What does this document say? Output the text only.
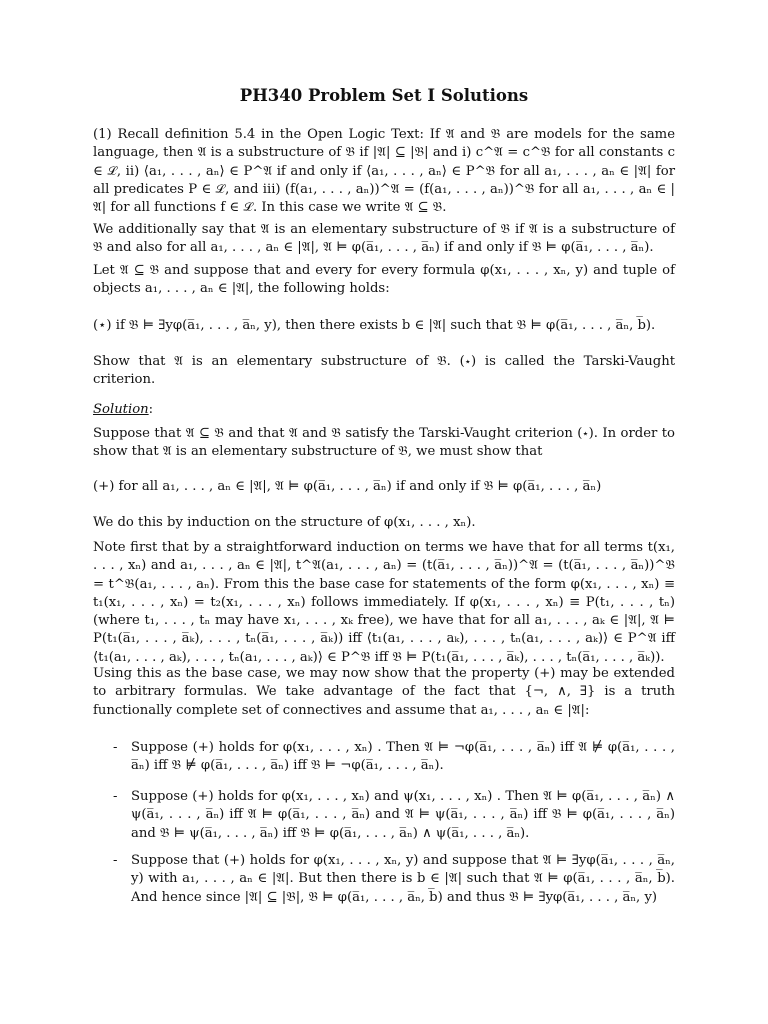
PH340 Problem Set I Solutions
(1) Recall definition 5.4 in the Open Logic Text: If 𝔄 and 𝔅 are models for the same language, then 𝔄 is a substructure of 𝔅 if |𝔄| ⊆ |𝔅| and i) c^𝔄 = c^𝔅 for all constants c ∈ ℒ, ii) ⟨a₁, . . . , aₙ⟩ ∈ P^𝔄 if and only if ⟨a₁, . . . , aₙ⟩ ∈ P^𝔅 for all a₁, . . . , aₙ ∈ |𝔄| for all predicates P ∈ ℒ, and iii) (f(a₁, . . . , aₙ))^𝔄 = (f(a₁, . . . , aₙ))^𝔅 for all a₁, . . . , aₙ ∈ |𝔄| for all functions f ∈ ℒ. In this case we write 𝔄 ⊆ 𝔅.
We additionally say that 𝔄 is an elementary substructure of 𝔅 if 𝔄 is a substructure of 𝔅 and also for all a₁, . . . , aₙ ∈ |𝔄|, 𝔄 ⊨ φ(a̅₁, . . . , a̅ₙ) if and only if 𝔅 ⊨ φ(a̅₁, . . . , a̅ₙ).
Let 𝔄 ⊆ 𝔅 and suppose that and every for every formula φ(x₁, . . . , xₙ, y) and tuple of objects a₁, . . . , aₙ ∈ |𝔄|, the following holds:
(⋆) if 𝔅 ⊨ ∃yφ(a̅₁, . . . , a̅ₙ, y), then there exists b ∈ |𝔄| such that 𝔅 ⊨ φ(a̅₁, . . . , a̅ₙ, b̅).
Show that 𝔄 is an elementary substructure of 𝔅. (⋆) is called the Tarski-Vaught criterion.
Solution:
Suppose that 𝔄 ⊆ 𝔅 and that 𝔄 and 𝔅 satisfy the Tarski-Vaught criterion (⋆). In order to show that 𝔄 is an elementary substructure of 𝔅, we must show that
(+) for all a₁, . . . , aₙ ∈ |𝔄|, 𝔄 ⊨ φ(a̅₁, . . . , a̅ₙ) if and only if 𝔅 ⊨ φ(a̅₁, . . . , a̅ₙ)
We do this by induction on the structure of φ(x₁, . . . , xₙ).
Note first that by a straightforward induction on terms we have that for all terms t(x₁, . . . , xₙ) and a₁, . . . , aₙ ∈ |𝔄|, t^𝔄(a₁, . . . , aₙ) = (t(a̅₁, . . . , a̅ₙ))^𝔄 = (t(a̅₁, . . . , a̅ₙ))^𝔅 = t^𝔅(a₁, . . . , aₙ). From this the base case for statements of the form φ(x₁, . . . , xₙ) ≡ t₁(x₁, . . . , xₙ) = t₂(x₁, . . . , xₙ) follows immediately. If φ(x₁, . . . , xₙ) ≡ P(t₁, . . . , tₙ) (where t₁, . . . , tₙ may have x₁, . . . , xₖ free), we have that for all a₁, . . . , aₖ ∈ |𝔄|, 𝔄 ⊨ P(t₁(a̅₁, . . . , a̅ₖ), . . . , tₙ(a̅₁, . . . , a̅ₖ)) iff ⟨t₁(a₁, . . . , aₖ), . . . , tₙ(a₁, . . . , aₖ)⟩ ∈ P^𝔄 iff ⟨t₁(a₁, . . . , aₖ), . . . , tₙ(a₁, . . . , aₖ)⟩ ∈ P^𝔅 iff 𝔅 ⊨ P(t₁(a̅₁, . . . , a̅ₖ), . . . , tₙ(a̅₁, . . . , a̅ₖ)).
Using this as the base case, we may now show that the property (+) may be extended to arbitrary formulas. We take advantage of the fact that {¬, ∧, ∃} is a truth functionally complete set of connectives and assume that a₁, . . . , aₙ ∈ |𝔄|:
-	Suppose (+) holds for φ(x₁, . . . , xₙ) . Then 𝔄 ⊨ ¬φ(a̅₁, . . . , a̅ₙ) iff 𝔄 ⊭ φ(a̅₁, . . . , a̅ₙ) iff 𝔅 ⊭ φ(a̅₁, . . . , a̅ₙ) iff 𝔅 ⊨ ¬φ(a̅₁, . . . , a̅ₙ).
-	Suppose (+) holds for φ(x₁, . . . , xₙ) and ψ(x₁, . . . , xₙ) . Then 𝔄 ⊨ φ(a̅₁, . . . , a̅ₙ) ∧ ψ(a̅₁, . . . , a̅ₙ) iff 𝔄 ⊨ φ(a̅₁, . . . , a̅ₙ) and 𝔄 ⊨ ψ(a̅₁, . . . , a̅ₙ) iff 𝔅 ⊨ φ(a̅₁, . . . , a̅ₙ) and 𝔅 ⊨ ψ(a̅₁, . . . , a̅ₙ) iff 𝔅 ⊨ φ(a̅₁, . . . , a̅ₙ) ∧ ψ(a̅₁, . . . , a̅ₙ).
-	Suppose that (+) holds for φ(x₁, . . . , xₙ, y) and suppose that 𝔄 ⊨ ∃yφ(a̅₁, . . . , a̅ₙ, y) with a₁, . . . , aₙ ∈ |𝔄|. But then there is b ∈ |𝔄| such that 𝔄 ⊨ φ(a̅₁, . . . , a̅ₙ, b̅). And hence since |𝔄| ⊆ |𝔅|, 𝔅 ⊨ φ(a̅₁, . . . , a̅ₙ, b̅) and thus 𝔅 ⊨ ∃yφ(a̅₁, . . . , a̅ₙ, y)
